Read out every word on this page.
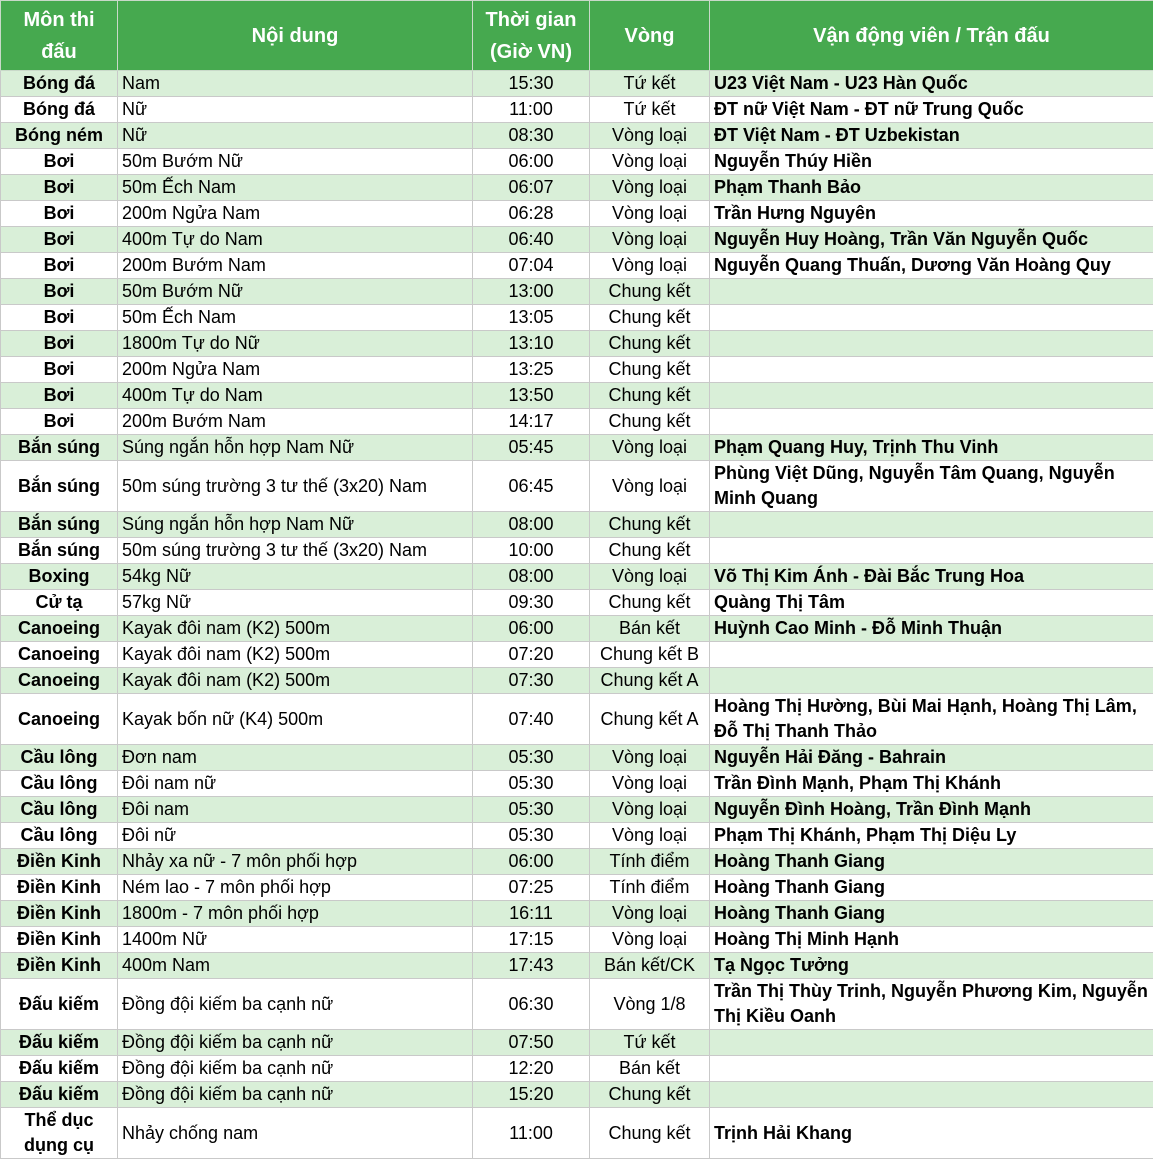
Môn thi đấu	Nội dung	Thời gian (Giờ VN)	Vòng	Vận động viên / Trận đấu
Bóng đá	Nam	15:30	Tứ kết	U23 Việt Nam - U23 Hàn Quốc
Bóng đá	Nữ	11:00	Tứ kết	ĐT nữ Việt Nam - ĐT nữ Trung Quốc
Bóng ném	Nữ	08:30	Vòng loại	ĐT Việt Nam - ĐT Uzbekistan
Bơi	50m Bướm Nữ	06:00	Vòng loại	Nguyễn Thúy Hiền
Bơi	50m Ếch Nam	06:07	Vòng loại	Phạm Thanh Bảo
Bơi	200m Ngửa Nam	06:28	Vòng loại	Trần Hưng Nguyên
Bơi	400m Tự do Nam	06:40	Vòng loại	Nguyễn Huy Hoàng, Trần Văn Nguyễn Quốc
Bơi	200m Bướm Nam	07:04	Vòng loại	Nguyễn Quang Thuấn, Dương Văn Hoàng Quy
Bơi	50m Bướm Nữ	13:00	Chung kết	
Bơi	50m Ếch Nam	13:05	Chung kết	
Bơi	1800m Tự do Nữ	13:10	Chung kết	
Bơi	200m Ngửa Nam	13:25	Chung kết	
Bơi	400m Tự do Nam	13:50	Chung kết	
Bơi	200m Bướm Nam	14:17	Chung kết	
Bắn súng	Súng ngắn hỗn hợp Nam Nữ	05:45	Vòng loại	Phạm Quang Huy, Trịnh Thu Vinh
Bắn súng	50m súng trường 3 tư thế (3x20) Nam	06:45	Vòng loại	Phùng Việt Dũng, Nguyễn Tâm Quang, Nguyễn Minh Quang
Bắn súng	Súng ngắn hỗn hợp Nam Nữ	08:00	Chung kết	
Bắn súng	50m súng trường 3 tư thế (3x20) Nam	10:00	Chung kết	
Boxing	54kg Nữ	08:00	Vòng loại	Võ Thị Kim Ánh - Đài Bắc Trung Hoa
Cử tạ	57kg Nữ	09:30	Chung kết	Quàng Thị Tâm
Canoeing	Kayak đôi nam (K2) 500m	06:00	Bán kết	Huỳnh Cao Minh - Đỗ Minh Thuận
Canoeing	Kayak đôi nam (K2) 500m	07:20	Chung kết B	
Canoeing	Kayak đôi nam (K2) 500m	07:30	Chung kết A	
Canoeing	Kayak bốn nữ (K4) 500m	07:40	Chung kết A	Hoàng Thị Hường, Bùi Mai Hạnh, Hoàng Thị Lâm, Đỗ Thị Thanh Thảo
Cầu lông	Đơn nam	05:30	Vòng loại	Nguyễn Hải Đăng - Bahrain
Cầu lông	Đôi nam nữ	05:30	Vòng loại	Trần Đình Mạnh, Phạm Thị Khánh
Cầu lông	Đôi nam	05:30	Vòng loại	Nguyễn Đình Hoàng, Trần Đình Mạnh
Cầu lông	Đôi nữ	05:30	Vòng loại	Phạm Thị Khánh, Phạm Thị Diệu Ly
Điền Kinh	Nhảy xa nữ - 7 môn phối hợp	06:00	Tính điểm	Hoàng Thanh Giang
Điền Kinh	Ném lao - 7 môn phối hợp	07:25	Tính điểm	Hoàng Thanh Giang
Điền Kinh	1800m - 7 môn phối hợp	16:11	Vòng loại	Hoàng Thanh Giang
Điền Kinh	1400m Nữ	17:15	Vòng loại	Hoàng Thị Minh Hạnh
Điền Kinh	400m Nam	17:43	Bán kết/CK	Tạ Ngọc Tưởng
Đấu kiếm	Đồng đội kiếm ba cạnh nữ	06:30	Vòng 1/8	Trần Thị Thùy Trinh, Nguyễn Phương Kim, Nguyễn Thị Kiều Oanh
Đấu kiếm	Đồng đội kiếm ba cạnh nữ	07:50	Tứ kết	
Đấu kiếm	Đồng đội kiếm ba cạnh nữ	12:20	Bán kết	
Đấu kiếm	Đồng đội kiếm ba cạnh nữ	15:20	Chung kết	
Thể dục dụng cụ	Nhảy chống nam	11:00	Chung kết	Trịnh Hải Khang
